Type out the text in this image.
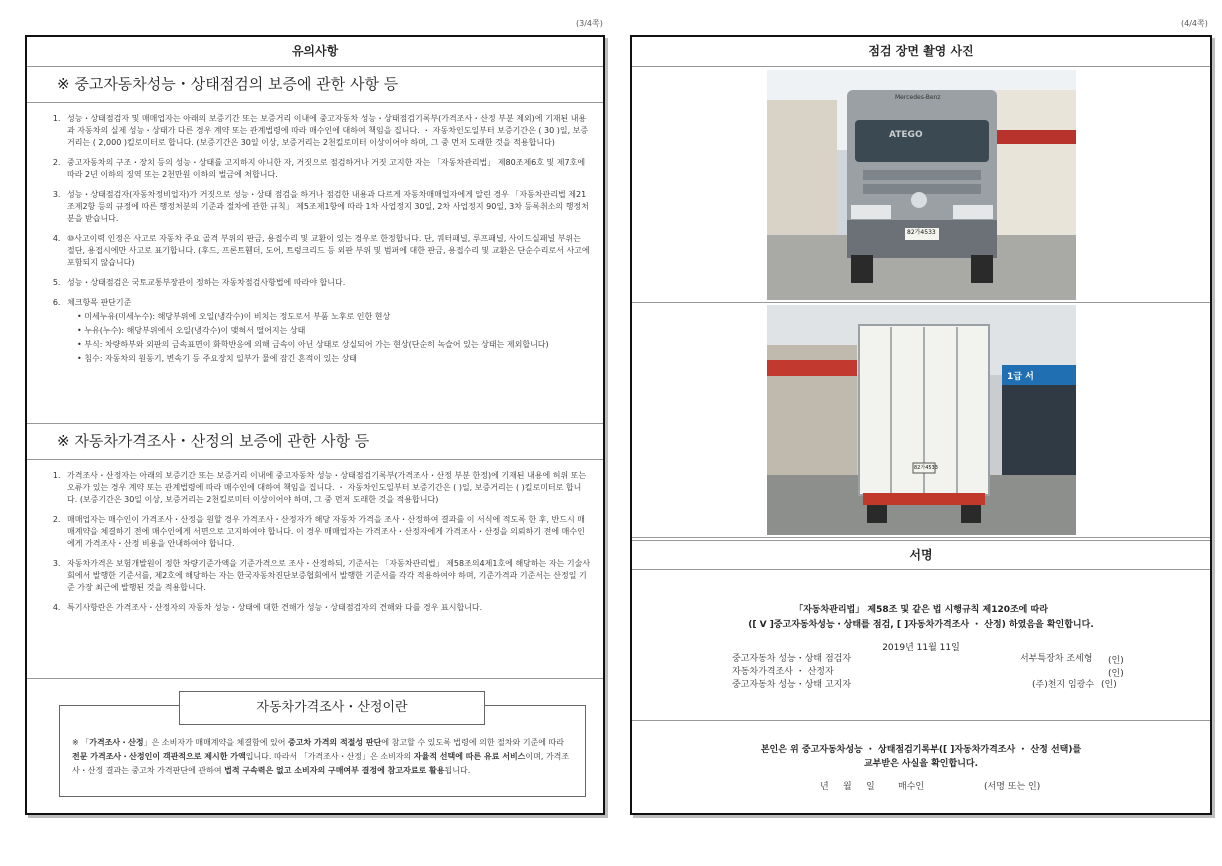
(3/4쪽)	(4/4쪽)
유의사항
※ 중고자동차성능・상태점검의 보증에 관한 사항 등
1. 성능・상태점검자 및 매매업자는 아래의 보증기간 또는 보증거리 이내에 중고자동차 성능・상태점검기록부(가격조사・산정 부분 제외)에 기재된 내용과 자동차의 실제 성능・상태가 다른 경우 계약 또는 관계법령에 따라 매수인에 대하여 책임을 집니다. ・ 자동차인도일부터 보증기간은 ( 30 )일, 보증거리는 ( 2,000 )킬로미터로 합니다. (보증기간은 30일 이상, 보증거리는 2천킬로미터 이상이어야 하며, 그 중 먼저 도래한 것을 적용합니다)
2. 중고자동차의 구조・장치 등의 성능・상태를 고지하지 아니한 자, 거짓으로 점검하거나 거짓 고지한 자는 「자동차관리법」 제80조제6호 및 제7호에 따라 2년 이하의 징역 또는 2천만원 이하의 벌금에 처합니다.
3. 성능・상태점검자(자동차정비업자)가 거짓으로 성능・상태 점검을 하거나 점검한 내용과 다르게 자동차매매업자에게 알린 경우 「자동차관리법 제21조제2항 등의 규정에 따른 행정처분의 기준과 절차에 관한 규칙」 제5조제1항에 따라 1차 사업정지 30일, 2차 사업정지 90일, 3차 등록취소의 행정처분을 받습니다.
4. ⑩사고이력 인정은 사고로 자동차 주요 골격 부위의 판금, 용접수리 및 교환이 있는 경우로 한정합니다. 단, 쿼터패널, 루프패널, 사이드실패널 부위는 절단, 용접시에만 사고로 표기합니다. (후드, 프론트휀더, 도어, 트렁크리드 등 외판 부위 및 범퍼에 대한 판금, 용접수리 및 교환은 단순수리로서 사고에 포함되지 않습니다)
5. 성능・상태점검은 국토교통부장관이 정하는 자동차점검사항법에 따라야 합니다.
6. 체크항목 판단기준
• 미세누유(미세누수): 해당부위에 오일(냉각수)이 비치는 정도로서 부품 노후로 인한 현상
• 누유(누수): 해당부위에서 오일(냉각수)이 맺혀서 떨어지는 상태
• 부식: 차량하부와 외판의 금속표면이 화학반응에 의해 금속이 아닌 상태로 상실되어 가는 현상(단순히 녹슬어 있는 상태는 제외합니다)
• 침수: 자동차의 원동기, 변속기 등 주요장치 일부가 물에 잠긴 흔적이 있는 상태
※ 자동차가격조사・산정의 보증에 관한 사항 등
1. 가격조사・산정자는 아래의 보증기간 또는 보증거리 이내에 중고자동차 성능・상태점검기록부(가격조사・산정 부분 한정)에 기재된 내용에 허위 또는 오류가 있는 경우 계약 또는 관계법령에 따라 매수인에 대하여 책임을 집니다. ・ 자동차인도일부터 보증기간은 ( )일, 보증거리는 ( )킬로미터로 합니다. (보증기간은 30일 이상, 보증거리는 2천킬로미터 이상이어야 하며, 그 중 먼저 도래한 것을 적용합니다)
2. 매매업자는 매수인이 가격조사・산정을 원할 경우 가격조사・산정자가 해당 자동차 가격을 조사・산정하여 결과를 이 서식에 적도록 한 후, 반드시 매매계약을 체결하기 전에 매수인에게 서면으로 고지하여야 합니다. 이 경우 매매업자는 가격조사・산정자에게 가격조사・산정을 의뢰하기 전에 매수인에게 가격조사・산정 비용을 안내하여야 합니다.
3. 자동차가격은 보험개발원이 정한 차량기준가액을 기준가격으로 조사・산정하되, 기준서는 「자동차관리법」 제58조의4제1호에 해당하는 자는 기술사회에서 발행한 기준서를, 제2호에 해당하는 자는 한국자동차진단보증협회에서 발행한 기준서를 각각 적용하여야 하며, 기준가격과 기준서는 산정일 기준 가장 최근에 발행된 것을 적용합니다.
4. 특기사항란은 가격조사・산정자의 자동차 성능・상태에 대한 견해가 성능・상태점검자의 견해와 다를 경우 표시합니다.
※ 「가격조사・산정」은 소비자가 매매계약을 체결함에 있어 중고차 가격의 적절성 판단에 참고할 수 있도록 법령에 의한 절차와 기준에 따라 전문 가격조사・산정인이 객관적으로 제시한 가액입니다. 따라서 「가격조사・산정」은 소비자의 자율적 선택에 따른 유료 서비스이며, 가격조사・산정 결과는 중고차 가격판단에 관하여 법적 구속력은 없고 소비자의 구매여부 결정에 참고자료로 활용됩니다.
자동차가격조사・산정이란
점검 장면 촬영 사진
82가4533
Mercedes-Benz
ATEGO
82가4533
1급 서
서명
「자동차관리법」 제58조 및 같은 법 시행규칙 제120조에 따라
([ V ]중고자동차성능・상태를 점검, [ ]자동차가격조사 ・ 산정) 하였음을 확인합니다.
2019년 11월 11일
중고자동차 성능・상태 점검자	서부특장차 조세형 (인)
자동차가격조사 ・ 산정자	(인)
중고자동차 성능・상태 고지자	(주)천지 임광수 (인)
본인은 위 중고자동차성능 ・ 상태점검기록부([ ]자동차가격조사 ・ 산정 선택)를
교부받은 사실을 확인합니다.
년     월     일	매수인	(서명 또는 인)
